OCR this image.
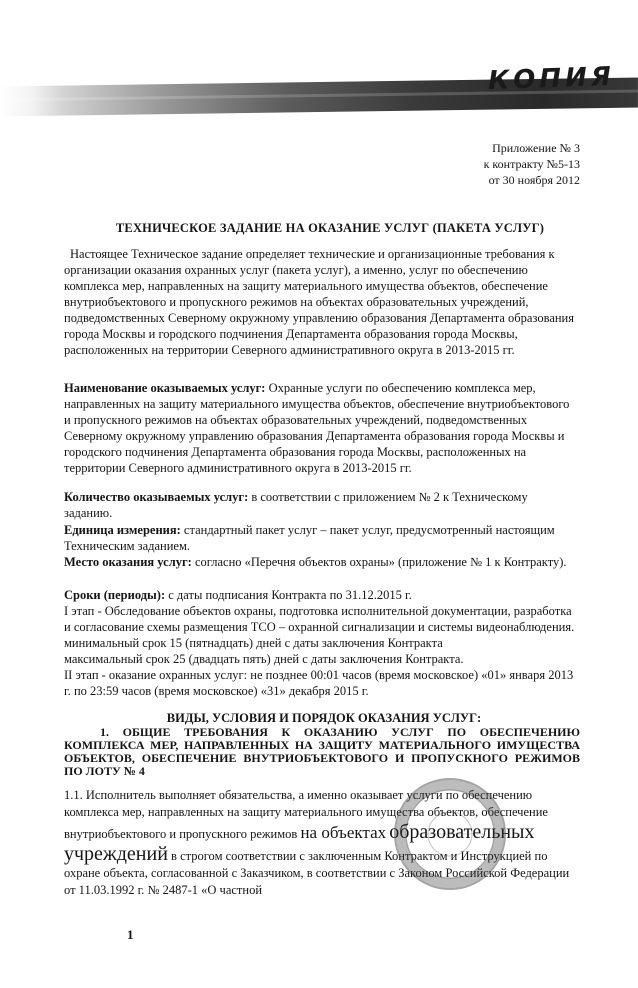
КОПИЯ
Приложение № 3
к контракту №5-13
от 30 ноября 2012
ТЕХНИЧЕСКОЕ ЗАДАНИЕ НА ОКАЗАНИЕ УСЛУГ (ПАКЕТА УСЛУГ)
Настоящее Техническое задание определяет технические и организационные требования к организации оказания охранных услуг (пакета услуг), а именно, услуг по обеспечению комплекса мер, направленных на защиту материального имущества объектов, обеспечение внутриобъектового и пропускного режимов на объектах образовательных учреждений, подведомственных Северному окружному управлению образования Департамента образования города Москвы и городского подчинения Департамента образования города Москвы, расположенных на территории Северного административного округа в 2013-2015 гг.
Наименование оказываемых услуг: Охранные услуги по обеспечению комплекса мер, направленных на защиту материального имущества объектов, обеспечение внутриобъектового и пропускного режимов на объектах образовательных учреждений, подведомственных Северному окружному управлению образования Департамента образования города Москвы и городского подчинения Департамента образования города Москвы, расположенных на территории Северного административного округа в 2013-2015 гг.
Количество оказываемых услуг: в соответствии с приложением № 2 к Техническому заданию.
Единица измерения: стандартный пакет услуг – пакет услуг, предусмотренный настоящим Техническим заданием.
Место оказания услуг: согласно «Перечня объектов охраны» (приложение № 1 к Контракту).
Сроки (периоды): с даты подписания Контракта по 31.12.2015 г.
I этап - Обследование объектов охраны, подготовка исполнительной документации, разработка и согласование схемы размещения ТСО – охранной сигнализации и системы видеонаблюдения.
минимальный срок 15 (пятнадцать) дней с даты заключения Контракта
максимальный срок 25 (двадцать пять) дней с даты заключения Контракта.
II этап - оказание охранных услуг: не позднее 00:01 часов (время московское) «01» января 2013 г. по 23:59 часов (время московское) «31» декабря 2015 г.
ВИДЫ, УСЛОВИЯ И ПОРЯДОК ОКАЗАНИЯ УСЛУГ:
1. ОБЩИЕ ТРЕБОВАНИЯ К ОКАЗАНИЮ УСЛУГ ПО ОБЕСПЕЧЕНИЮ КОМПЛЕКСА МЕР, НАПРАВЛЕННЫХ НА ЗАЩИТУ МАТЕРИАЛЬНОГО ИМУЩЕСТВА ОБЪЕКТОВ, ОБЕСПЕЧЕНИЕ ВНУТРИОБЪЕКТОВОГО И ПРОПУСКНОГО РЕЖИМОВ ПО ЛОТУ № 4
1.1. Исполнитель выполняет обязательства, а именно оказывает услуги по обеспечению комплекса мер, направленных на защиту материального имущества объектов, обеспечение внутриобъектового и пропускного режимов на объектах образовательных учреждений в строгом соответствии с заключенным Контрактом и Инструкцией по охране объекта, согласованной с Заказчиком, в соответствии с Законом Российской Федерации от 11.03.1992 г. № 2487-1 «О частной
1
